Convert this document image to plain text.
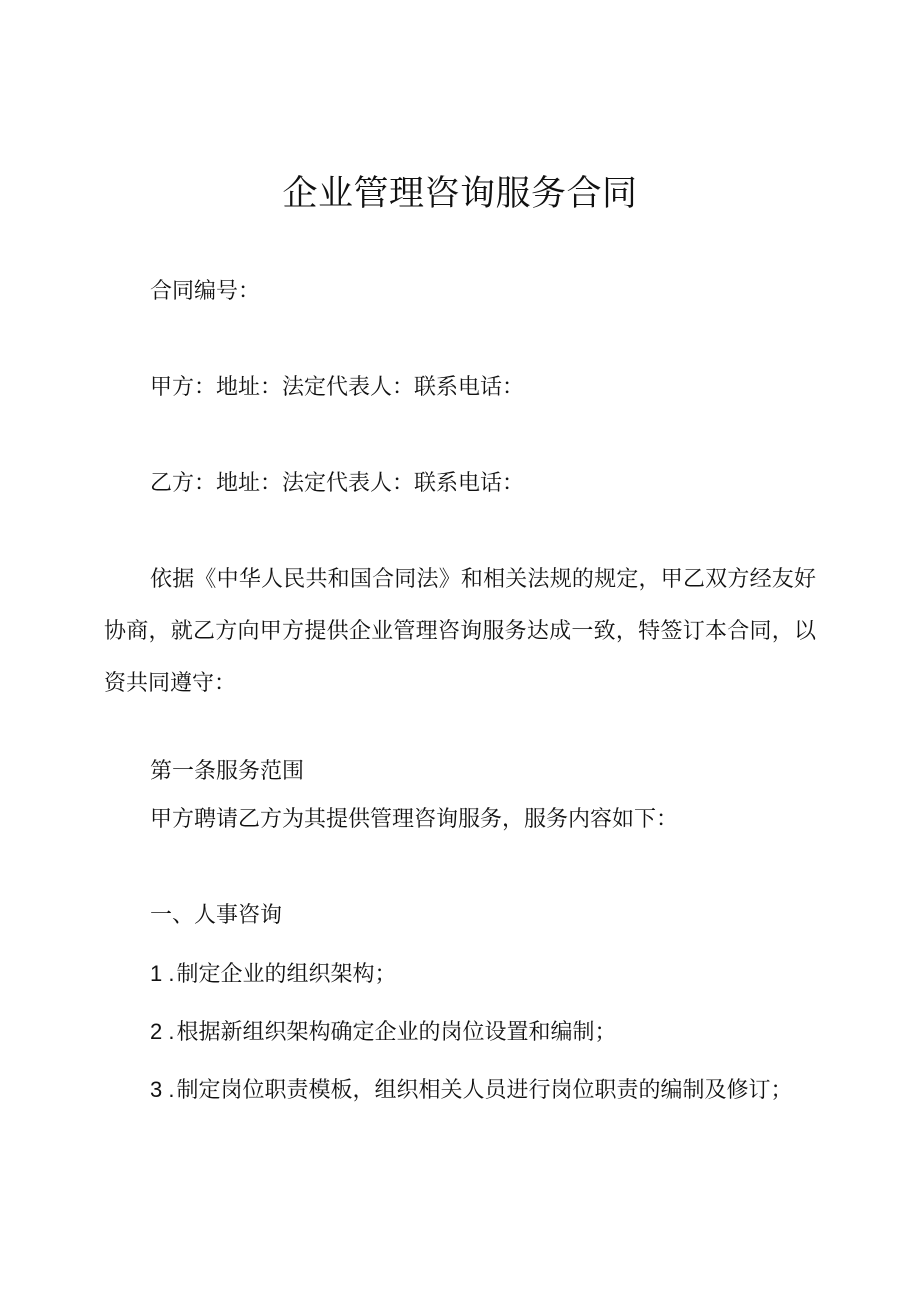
企业管理咨询服务合同

合同编号：

甲方：地址：法定代表人：联系电话：

乙方：地址：法定代表人：联系电话：

依据《中华人民共和国合同法》和相关法规的规定，甲乙双方经友好协商，就乙方向甲方提供企业管理咨询服务达成一致，特签订本合同，以资共同遵守：

第一条服务范围

甲方聘请乙方为其提供管理咨询服务，服务内容如下：

一、人事咨询

1 .制定企业的组织架构；

2 .根据新组织架构确定企业的岗位设置和编制；

3 .制定岗位职责模板，组织相关人员进行岗位职责的编制及修订；
